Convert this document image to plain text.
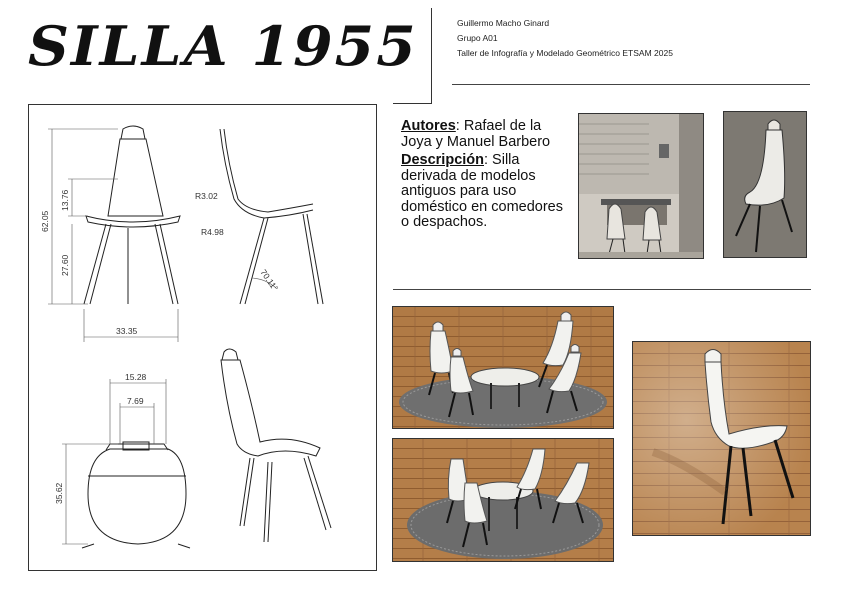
SILLA 1955	Guillermo Macho Ginard
Grupo A01
Taller de Infografía y Modelado Geométrico ETSAM 2025
62.05
13.76
27.60
33.35
R3.02
R4.98
70.11°
15.28
7.69
35.62
Autores: Rafael de la Joya y Manuel Barbero
Descripción: Silla derivada de modelos antiguos para uso doméstico en comedores o despachos.
